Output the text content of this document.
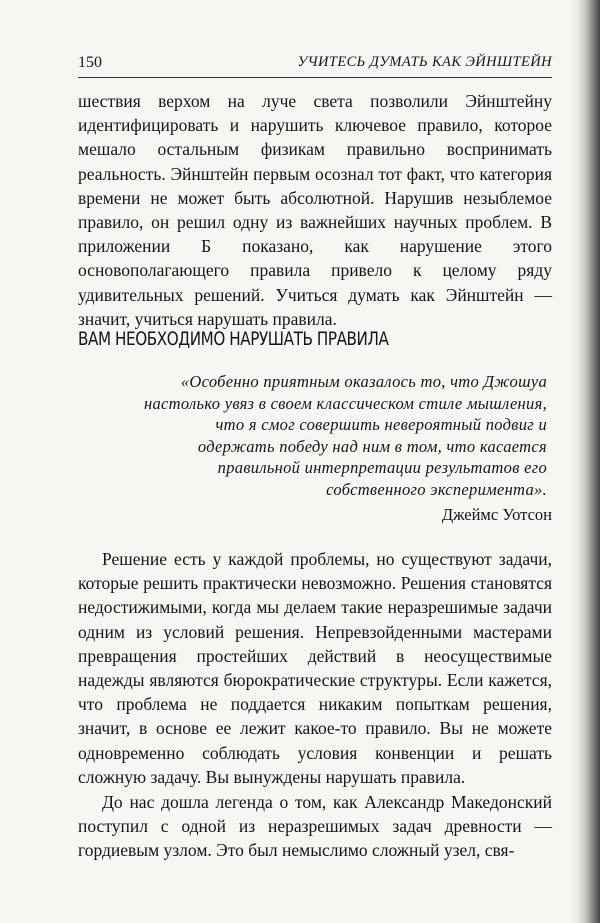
150	УЧИТЕСЬ ДУМАТЬ КАК ЭЙНШТЕЙН

шествия верхом на луче света позволили Эйнштейну идентифицировать и нарушить ключевое правило, которое мешало остальным физикам правильно воспринимать реальность. Эйнштейн первым осознал тот факт, что категория времени не может быть абсолютной. Нарушив незыблемое правило, он решил одну из важнейших научных проблем. В приложении Б показано, как нарушение этого основополагающего правила привело к целому ряду удивительных решений. Учиться думать как Эйнштейн — значит, учиться нарушать правила.

ВАМ НЕОБХОДИМО НАРУШАТЬ ПРАВИЛА

«Особенно приятным оказалось то, что Джошуа настолько увяз в своем классическом стиле мышления, что я смог совершить невероятный подвиг и одержать победу над ним в том, что касается правильной интерпретации результатов его собственного эксперимента».

Джеймс Уотсон

Решение есть у каждой проблемы, но существуют задачи, которые решить практически невозможно. Решения становятся недостижимыми, когда мы делаем такие неразрешимые задачи одним из условий решения. Непревзойденными мастерами превращения простейших действий в неосуществимые надежды являются бюрократические структуры. Если кажется, что проблема не поддается никаким попыткам решения, значит, в основе ее лежит какое-то правило. Вы не можете одновременно соблюдать условия конвенции и решать сложную задачу. Вы вынуждены нарушать правила.

До нас дошла легенда о том, как Александр Македонский поступил с одной из неразрешимых задач древности — гордиевым узлом. Это был немыслимо сложный узел, свя-
